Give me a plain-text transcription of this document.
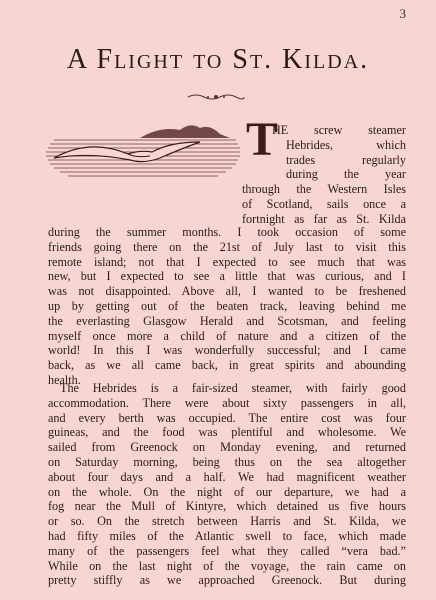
3
A Flight to St. Kilda.
T
HE screw steamer
Hebrides, which
trades regularly
during the year
through the Western Isles
of Scotland, sails once a
fortnight as far as St. Kilda
during the summer months. I took occasion of some
friends going there on the 21st of July last to visit this
remote island; not that I expected to see much that was
new, but I expected to see a little that was curious, and I
was not disappointed. Above all, I wanted to be freshened
up by getting out of the beaten track, leaving behind me
the everlasting Glasgow Herald and Scotsman, and feeling
myself once more a child of nature and a citizen of the
world! In this I was wonderfully successful; and I came
back, as we all came back, in great spirits and abounding
health.
The Hebrides is a fair-sized steamer, with fairly good
accommodation. There were about sixty passengers in all,
and every berth was occupied. The entire cost was four
guineas, and the food was plentiful and wholesome. We
sailed from Greenock on Monday evening, and returned
on Saturday morning, being thus on the sea altogether
about four days and a half. We had magnificent weather
on the whole. On the night of our departure, we had a
fog near the Mull of Kintyre, which detained us five hours
or so. On the stretch between Harris and St. Kilda, we
had fifty miles of the Atlantic swell to face, which made
many of the passengers feel what they called “vera bad.”
While on the last night of the voyage, the rain came on
pretty stiffly as we approached Greenock. But during
